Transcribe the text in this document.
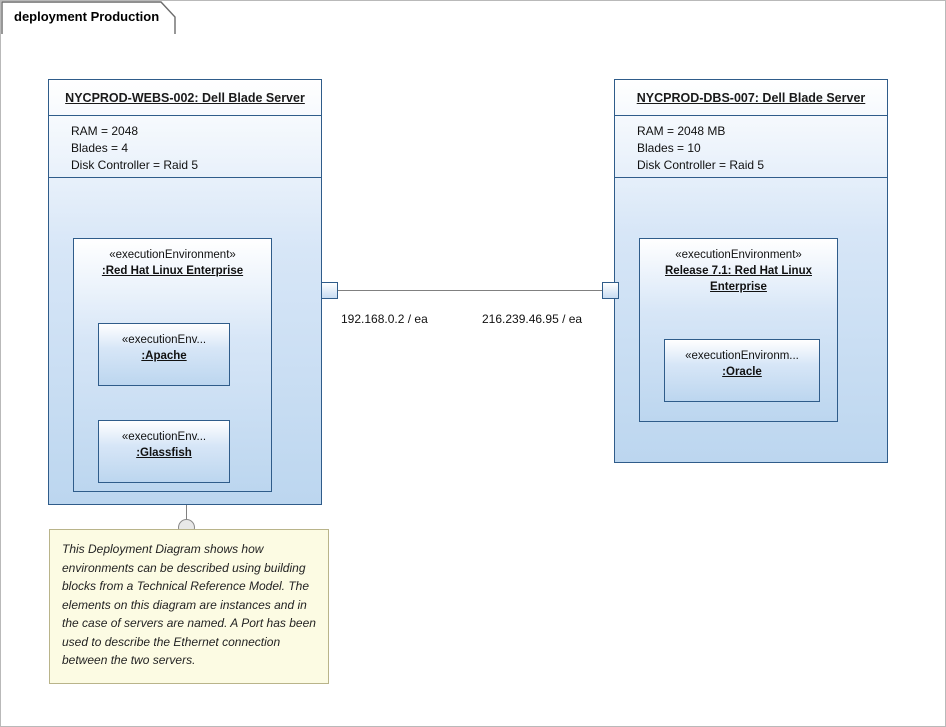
deployment Production
NYCPROD-WEBS-002: Dell Blade Server
RAM = 2048
Blades = 4
Disk Controller = Raid 5
«executionEnvironment»
:Red Hat Linux Enterprise
«executionEnv...
:Apache
«executionEnv...
:Glassfish
NYCPROD-DBS-007: Dell Blade Server
RAM = 2048 MB
Blades = 10
Disk Controller = Raid 5
«executionEnvironment»
Release 7.1: Red Hat Linux Enterprise
«executionEnvironm...
:Oracle
192.168.0.2 / ea	216.239.46.95 / ea
This Deployment Diagram shows how environments can be described using building blocks from a Technical Reference Model. The elements on this diagram are instances and in the case of servers are named. A Port has been used to describe the Ethernet connection between the two servers.
